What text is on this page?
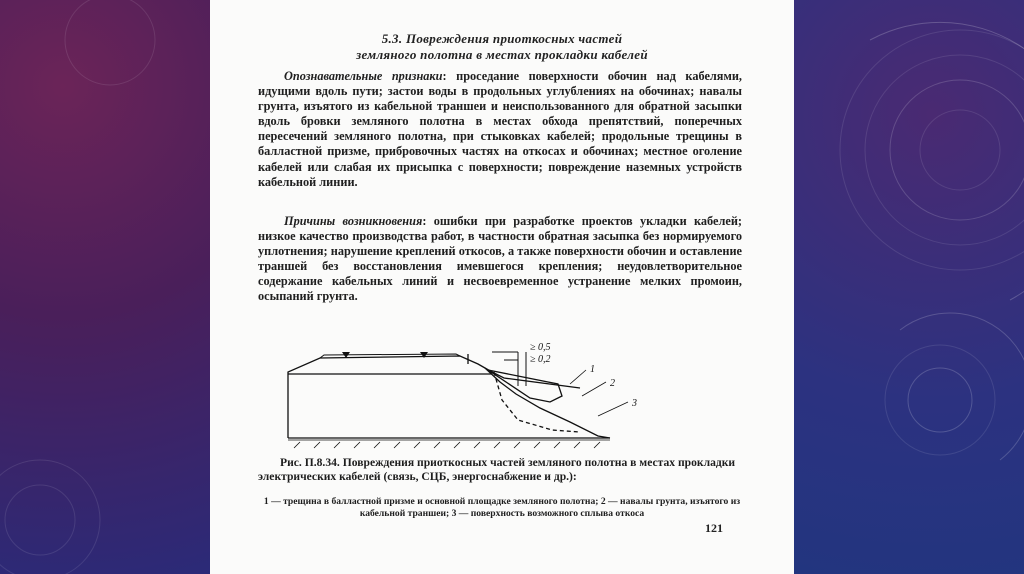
5.3. Повреждения приоткосных частей
земляного полотна в местах прокладки кабелей

Опознавательные признаки: проседание поверхности обочин над кабелями, идущими вдоль пути; застои воды в продольных углублениях на обочинах; навалы грунта, изъятого из кабельной траншеи и неиспользованного для обратной засыпки вдоль бровки земляного полотна в местах обхода препятствий, поперечных пересечений земляного полотна, при стыковках кабелей; продольные трещины в балластной призме, прибровочных частях на откосах и обочинах; местное оголение кабелей или слабая их присыпка с поверхности; повреждение наземных устройств кабельной линии.

Причины возникновения: ошибки при разработке проектов укладки кабелей; низкое качество производства работ, в частности обратная засыпка без нормируемого уплотнения; нарушение креплений откосов, а также поверхности обочин и оставление траншей без восстановления имевшегося крепления; неудовлетворительное содержание кабельных линий и несвоевременное устранение мелких промоин, осыпаний грунта.

≥ 0,5
≥ 0,2
1
2
3

Рис. П.8.34. Повреждения приоткосных частей земляного полотна в местах прокладки электрических кабелей (связь, СЦБ, энергоснабжение и др.):

1 — трещина в балластной призме и основной площадке земляного полотна; 2 — навалы грунта, изъятого из кабельной траншеи; 3 — поверхность возможного сплыва откоса

121
